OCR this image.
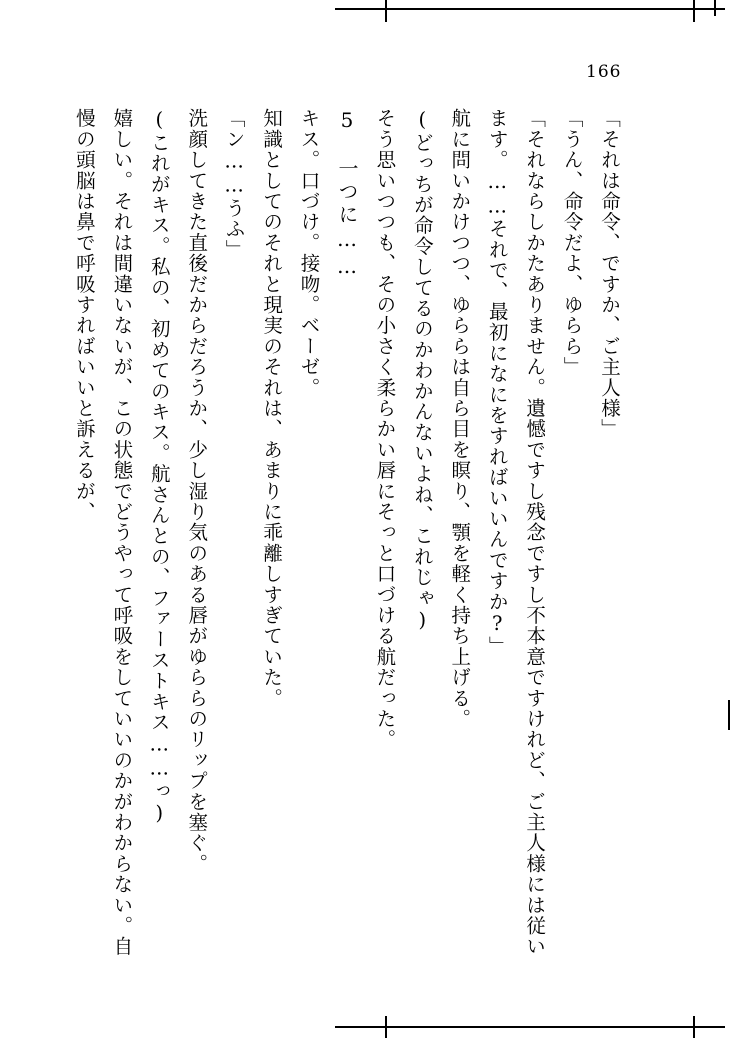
166

「それは命令、ですか、ご主人様」

「うん、命令だよ、ゆらら」

「それならしかたありません。遺憾ですし残念ですし不本意ですけれど、ご主人様には従います。……それで、最初になにをすればいいんですか?」

航に問いかけつつ、ゆららは自ら目を瞑り、顎を軽く持ち上げる。

(どっちが命令してるのかわかんないよね、これじゃ)

そう思いつつも、その小さく柔らかい唇にそっと口づける航だった。

5　一つに……

キス。口づけ。接吻。ベーゼ。

知識としてのそれと現実のそれは、あまりに乖離しすぎていた。

「ン……うふ」

洗顔してきた直後だからだろうか、少し湿り気のある唇がゆららのリップを塞ぐ。

(これがキス。私の、初めてのキス。航さんとの、ファーストキス……っ)

嬉しい。それは間違いないが、この状態でどうやって呼吸をしていいのかがわからない。自慢の頭脳は鼻で呼吸すればいいと訴えるが、
